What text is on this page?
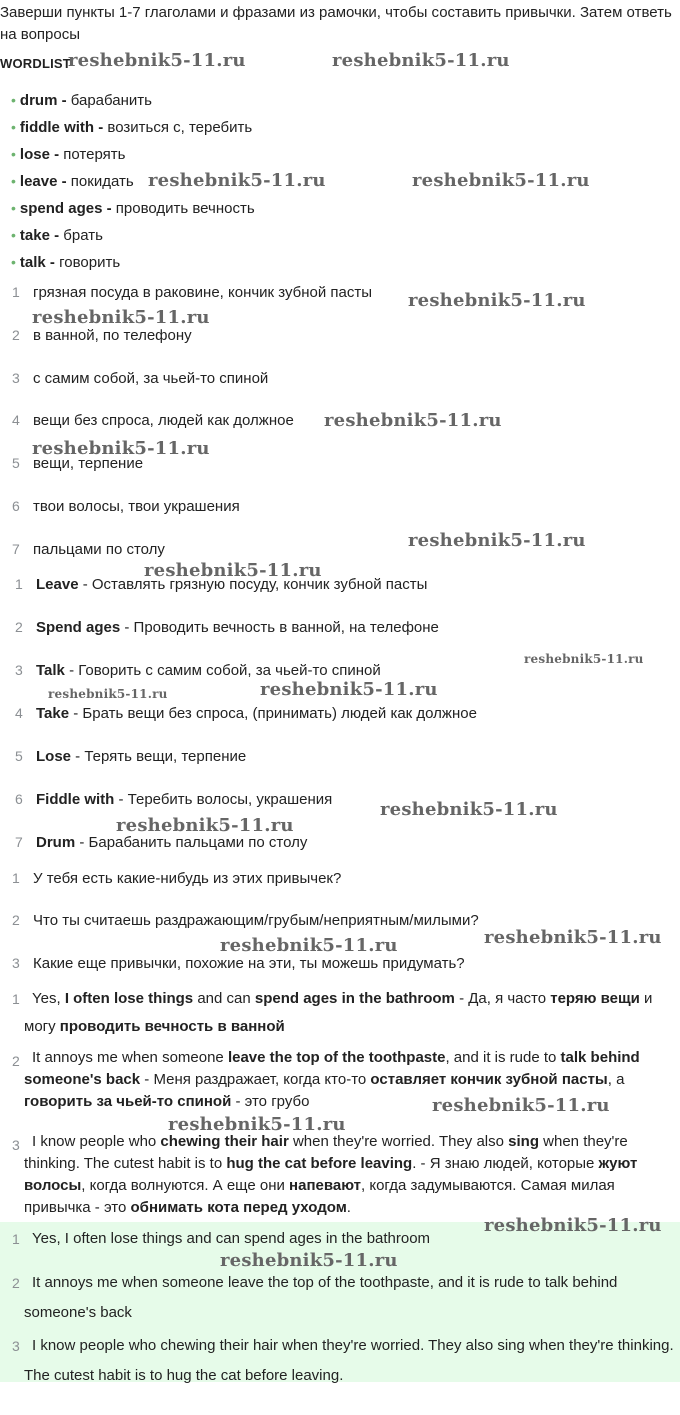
Заверши пункты 1-7 глаголами и фразами из рамочки, чтобы составить привычки. Затем ответь на вопросы
WORDLIST
• drum - барабанить
• fiddle with - возиться с, теребить
• lose - потерять
• leave - покидать
• spend ages - проводить вечность
• take - брать
• talk - говорить
1 грязная посуда в раковине, кончик зубной пасты
2 в ванной, по телефону
3 с самим собой, за чьей-то спиной
4 вещи без спроса, людей как должное
5 вещи, терпение
6 твои волосы, твои украшения
7 пальцами по столу
1 Leave - Оставлять грязную посуду, кончик зубной пасты
2 Spend ages - Проводить вечность в ванной, на телефоне
3 Talk - Говорить с самим собой, за чьей-то спиной
4 Take - Брать вещи без спроса, (принимать) людей как должное
5 Lose - Терять вещи, терпение
6 Fiddle with - Теребить волосы, украшения
7 Drum - Барабанить пальцами по столу
1 У тебя есть какие-нибудь из этих привычек?
2 Что ты считаешь раздражающим/грубым/неприятным/милыми?
3 Какие еще привычки, похожие на эти, ты можешь придумать?
1 Yes, I often lose things and can spend ages in the bathroom - Да, я часто теряю вещи и могу проводить вечность в ванной
2 It annoys me when someone leave the top of the toothpaste, and it is rude to talk behind someone's back - Меня раздражает, когда кто-то оставляет кончик зубной пасты, а говорить за чьей-то спиной - это грубо
3 I know people who chewing their hair when they're worried. They also sing when they're thinking. The cutest habit is to hug the cat before leaving. - Я знаю людей, которые жуют волосы, когда волнуются. А еще они напевают, когда задумываются. Самая милая привычка - это обнимать кота перед уходом.
1 Yes, I often lose things and can spend ages in the bathroom
2 It annoys me when someone leave the top of the toothpaste, and it is rude to talk behind someone's back
3 I know people who chewing their hair when they're worried. They also sing when they're thinking. The cutest habit is to hug the cat before leaving.
reshebnik5-11.ru	reshebnik5-11.ru
reshebnik5-11.ru	reshebnik5-11.ru
reshebnik5-11.ru
reshebnik5-11.ru
reshebnik5-11.ru
reshebnik5-11.ru
reshebnik5-11.ru
reshebnik5-11.ru
reshebnik5-11.ru
reshebnik5-11.ru	reshebnik5-11.ru
reshebnik5-11.ru
reshebnik5-11.ru
reshebnik5-11.ru
reshebnik5-11.ru
reshebnik5-11.ru
reshebnik5-11.ru
reshebnik5-11.ru
reshebnik5-11.ru
